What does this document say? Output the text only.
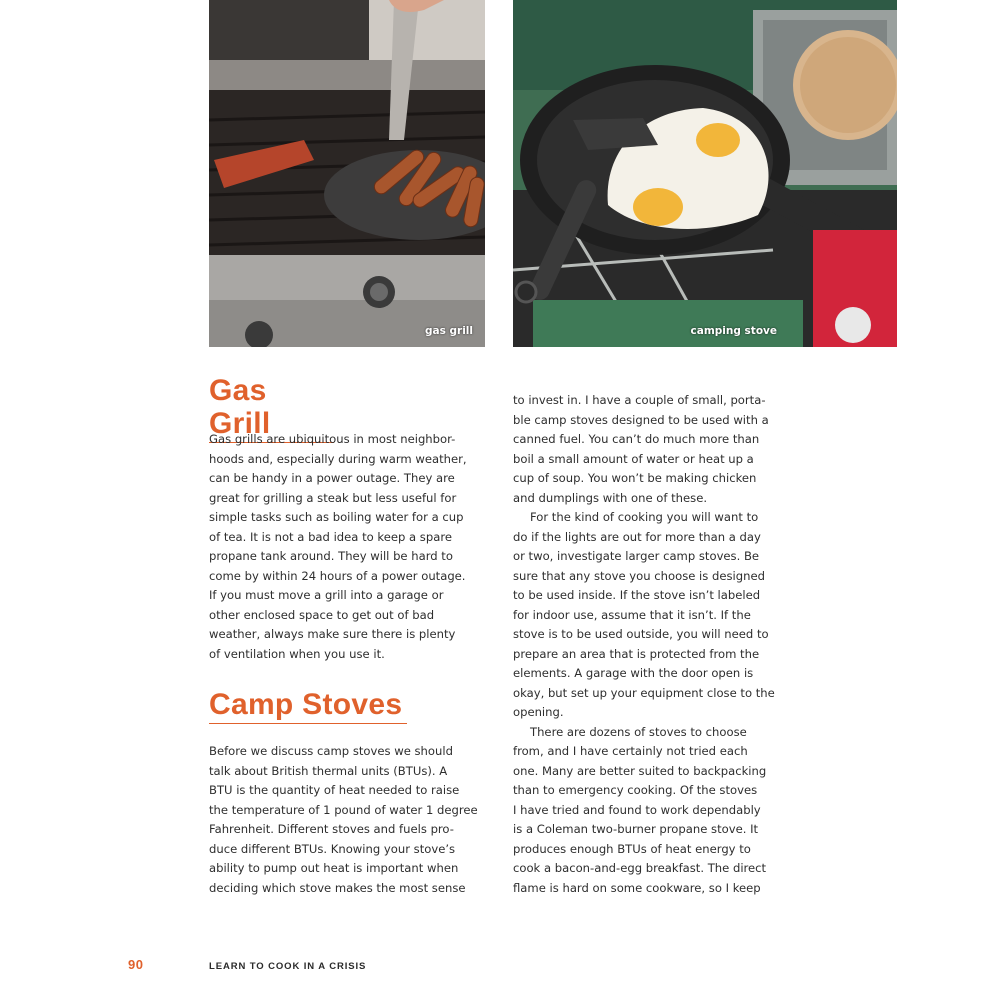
gas grill	camping stove
Gas Grill

Gas grills are ubiquitous in most neighbor-
hoods and, especially during warm weather,
can be handy in a power outage. They are
great for grilling a steak but less useful for
simple tasks such as boiling water for a cup
of tea. It is not a bad idea to keep a spare
propane tank around. They will be hard to
come by within 24 hours of a power outage.
If you must move a grill into a garage or
other enclosed space to get out of bad
weather, always make sure there is plenty
of ventilation when you use it.

Camp Stoves

Before we discuss camp stoves we should
talk about British thermal units (BTUs). A
BTU is the quantity of heat needed to raise
the temperature of 1 pound of water 1 degree
Fahrenheit. Different stoves and fuels pro-
duce different BTUs. Knowing your stove’s
ability to pump out heat is important when
deciding which stove makes the most sense

to invest in. I have a couple of small, porta-
ble camp stoves designed to be used with a
canned fuel. You can’t do much more than
boil a small amount of water or heat up a
cup of soup. You won’t be making chicken
and dumplings with one of these.
For the kind of cooking you will want to
do if the lights are out for more than a day
or two, investigate larger camp stoves. Be
sure that any stove you choose is designed
to be used inside. If the stove isn’t labeled
for indoor use, assume that it isn’t. If the
stove is to be used outside, you will need to
prepare an area that is protected from the
elements. A garage with the door open is
okay, but set up your equipment close to the
opening.
There are dozens of stoves to choose
from, and I have certainly not tried each
one. Many are better suited to backpacking
than to emergency cooking. Of the stoves
I have tried and found to work dependably
is a Coleman two-burner propane stove. It
produces enough BTUs of heat energy to
cook a bacon-and-egg breakfast. The direct
flame is hard on some cookware, so I keep

90	LEARN TO COOK IN A CRISIS
